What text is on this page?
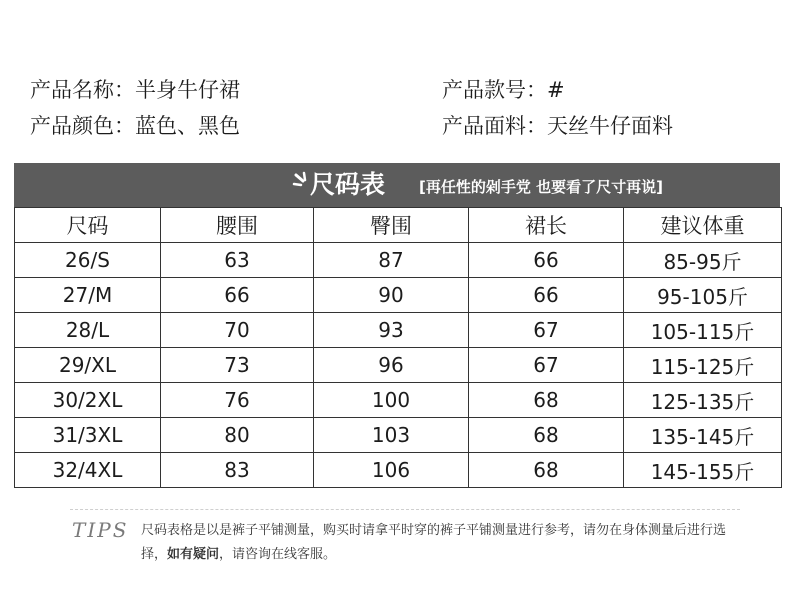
产品名称：半身牛仔裙	产品款号：#
产品颜色：蓝色、黑色	产品面料：天丝牛仔面料
尺码表 [再任性的剁手党 也要看了尺寸再说]
尺码	腰围	臀围	裙长	建议体重
26/S	63	87	66	85-95斤
27/M	66	90	66	95-105斤
28/L	70	93	67	105-115斤
29/XL	73	96	67	115-125斤
30/2XL	76	100	68	125-135斤
31/3XL	80	103	68	135-145斤
32/4XL	83	106	68	145-155斤
TIPS 尺码表格是以是裤子平铺测量，购买时请拿平时穿的裤子平铺测量进行参考，请勿在身体测量后进行选择，如有疑问，请咨询在线客服。
